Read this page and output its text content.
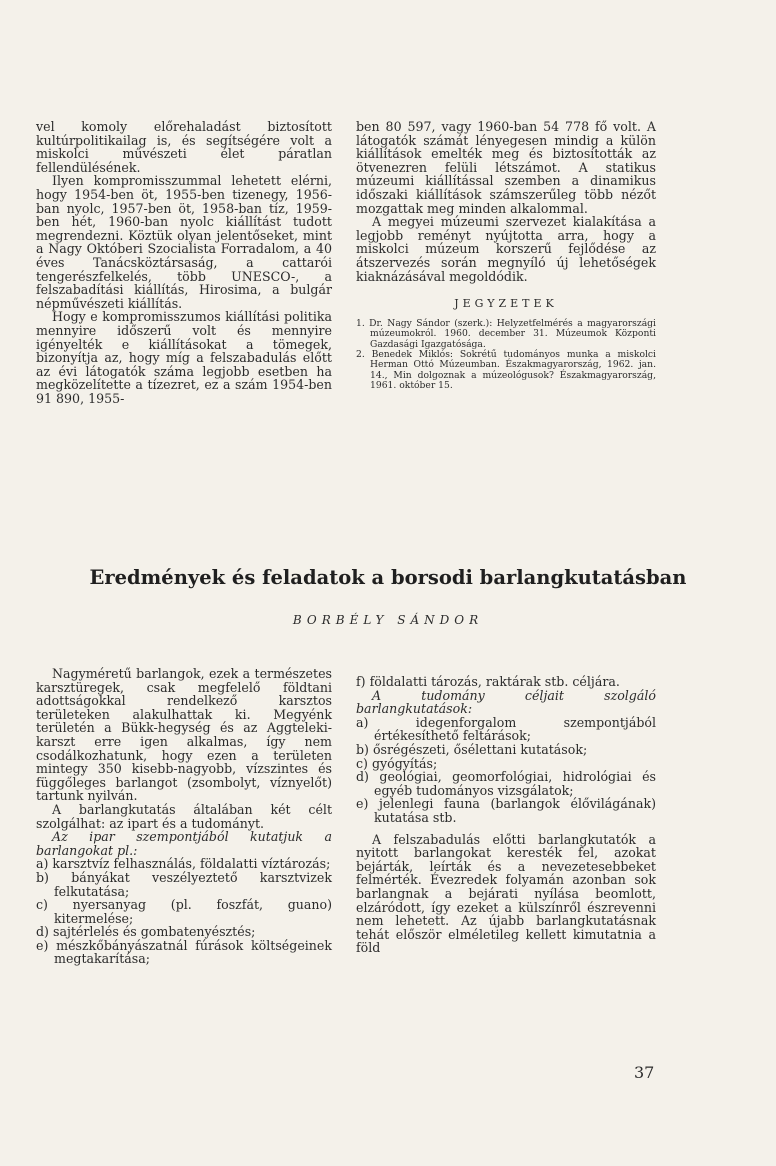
vel komoly előrehaladást biztosított kultúrpolitikailag is, és segítségére volt a miskolci művészeti élet páratlan fellendülésének.

Ilyen kompromisszummal lehetett elérni, hogy 1954-ben öt, 1955-ben tizenegy, 1956-ban nyolc, 1957-ben öt, 1958-ban tíz, 1959-ben hét, 1960-ban nyolc kiállítást tudott megrendezni. Köztük olyan jelentőseket, mint a Nagy Októberi Szocialista Forradalom, a 40 éves Tanácsköztársaság, a cattarói tengerészfelkelés, több UNESCO-, a felszabadítási kiállítás, Hirosima, a bulgár népművészeti kiállítás.

Hogy e kompromisszumos kiállítási politika mennyire időszerű volt és mennyire igényelték e kiállításokat a tömegek, bizonyítja az, hogy míg a felszabadulás előtt az évi látogatók száma legjobb esetben ha megközelítette a tízezret, ez a szám 1954-ben 91 890, 1955-

ben 80 597, vagy 1960-ban 54 778 fő volt. A látogatók számát lényegesen mindig a külön kiállítások emelték meg és biztosították az ötvenezren felüli létszámot. A statikus múzeumi kiállítással szemben a dinamikus időszaki kiállítások számszerűleg több nézőt mozgattak meg minden alkalommal.

A megyei múzeumi szervezet kialakítása a legjobb reményt nyújtotta arra, hogy a miskolci múzeum korszerű fejlődése az átszervezés során megnyíló új lehetőségek kiaknázásával megoldódik.

JEGYZETEK

1. Dr. Nagy Sándor (szerk.): Helyzetfelmérés a magyarországi múzeumokról. 1960. december 31. Múzeumok Központi Gazdasági Igazgatósága.

2. Benedek Miklós: Sokrétű tudományos munka a miskolci Herman Ottó Múzeumban. Északmagyarország, 1962. jan. 14., Min dolgoznak a múzeológusok? Északmagyarország, 1961. október 15.

Eredmények és feladatok a borsodi barlangkutatásban
BORBÉLY SÁNDOR

Nagyméretű barlangok, ezek a természetes karsztüregek, csak megfelelő földtani adottságokkal rendelkező karsztos területeken alakulhattak ki. Megyénk területén a Bükk-hegység és az Aggteleki-karszt erre igen alkalmas, így nem csodálkozhatunk, hogy ezen a területen mintegy 350 kisebb-nagyobb, vízszintes és függőleges barlangot (zsombolyt, víznyelőt) tartunk nyilván.

A barlangkutatás általában két célt szolgálhat: az ipart és a tudományt.

Az ipar szempontjából kutatjuk a barlangokat pl.:

a) karsztvíz felhasználás, földalatti víztározás;

b) bányákat veszélyeztető karsztvizek felkutatása;

c) nyersanyag (pl. foszfát, guano) kitermelése;

d) sajtérlelés és gombatenyésztés;

e) mészkőbányászatnál fúrások költségeinek megtakarítása;

f) földalatti tározás, raktárak stb. céljára.

A tudomány céljait szolgáló barlangkutatások:

a) idegenforgalom szempontjából értékesíthető feltárások;

b) ősrégészeti, ősélettani kutatások;

c) gyógyítás;

d) geológiai, geomorfológiai, hidrológiai és egyéb tudományos vizsgálatok;

e) jelenlegi fauna (barlangok élővilágának) kutatása stb.

A felszabadulás előtti barlangkutatók a nyitott barlangokat keresték fel, azokat bejárták, leírták és a nevezetesebbeket felmérték. Évezredek folyamán azonban sok barlangnak a bejárati nyílása beomlott, elzáródott, így ezeket a külszínről észrevenni nem lehetett. Az újabb barlangkutatásnak tehát először elméletileg kellett kimutatnia a föld

37
